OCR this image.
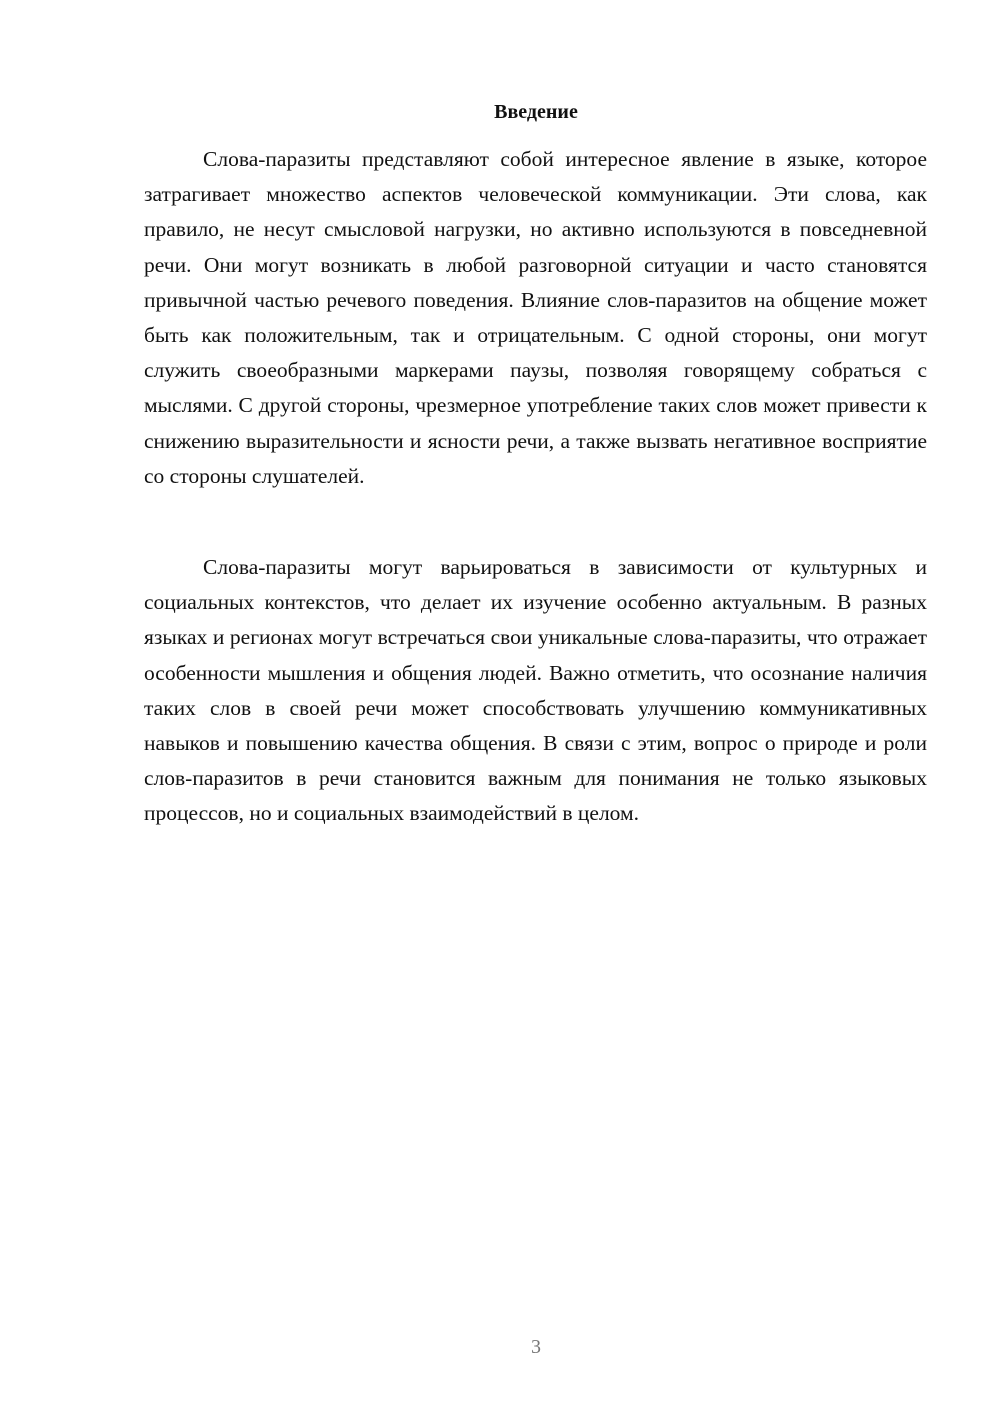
Введение

Слова-паразиты представляют собой интересное явление в языке, которое затрагивает множество аспектов человеческой коммуникации. Эти слова, как правило, не несут смысловой нагрузки, но активно используются в повседневной речи. Они могут возникать в любой разговорной ситуации и часто становятся привычной частью речевого поведения. Влияние слов-паразитов на общение может быть как положительным, так и отрицательным. С одной стороны, они могут служить своеобразными маркерами паузы, позволяя говорящему собраться с мыслями. С другой стороны, чрезмерное употребление таких слов может привести к снижению выразительности и ясности речи, а также вызвать негативное восприятие со стороны слушателей.

Слова-паразиты могут варьироваться в зависимости от культурных и социальных контекстов, что делает их изучение особенно актуальным. В разных языках и регионах могут встречаться свои уникальные слова-паразиты, что отражает особенности мышления и общения людей. Важно отметить, что осознание наличия таких слов в своей речи может способствовать улучшению коммуникативных навыков и повышению качества общения. В связи с этим, вопрос о природе и роли слов-паразитов в речи становится важным для понимания не только языковых процессов, но и социальных взаимодействий в целом.

3
